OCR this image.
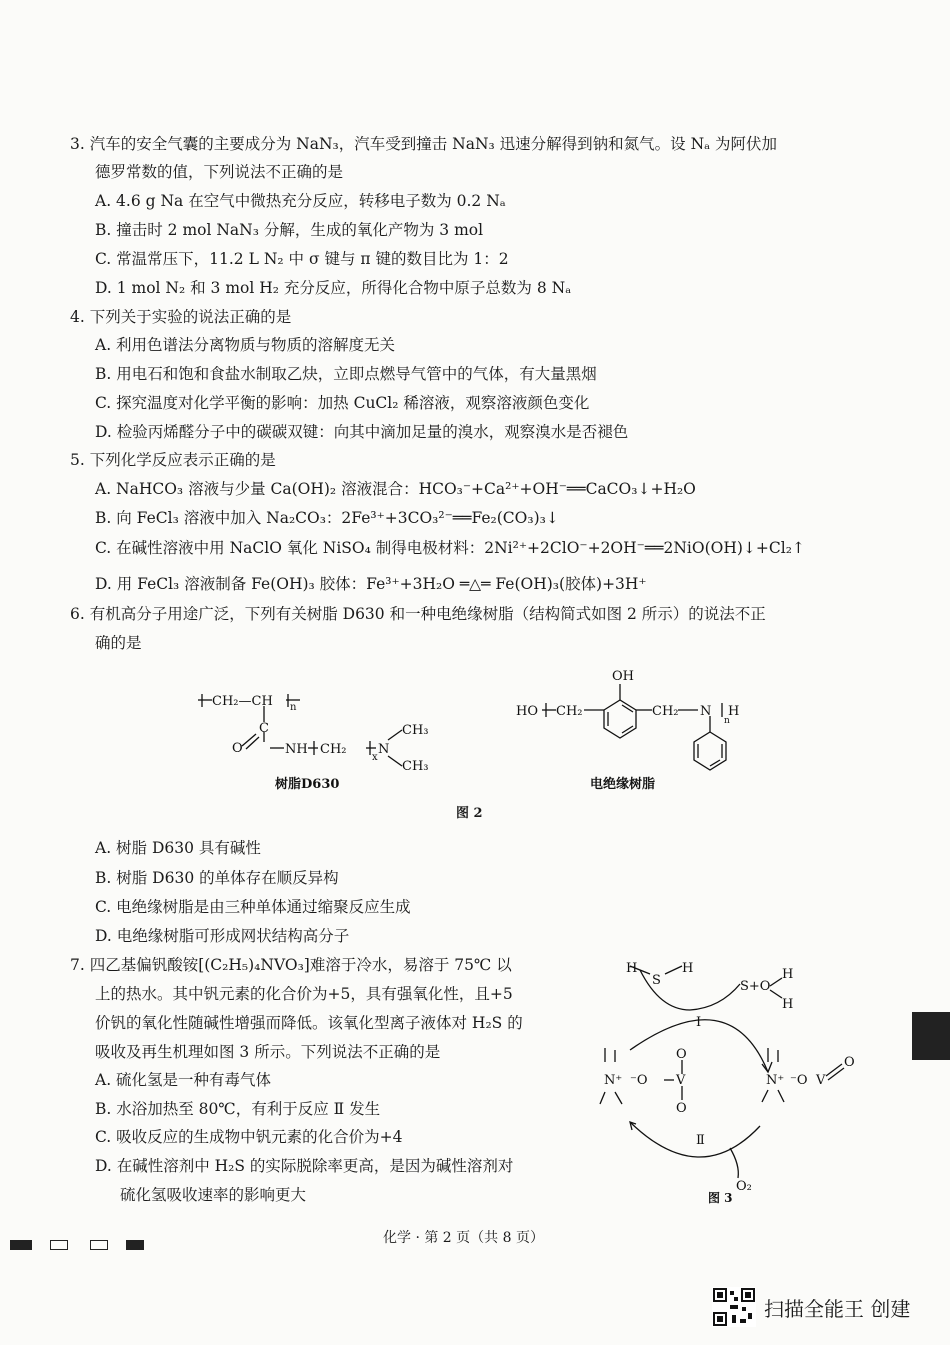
3. 汽车的安全气囊的主要成分为 NaN₃，汽车受到撞击 NaN₃ 迅速分解得到钠和氮气。设 Nₐ 为阿伏加
德罗常数的值，下列说法不正确的是
A. 4.6 g Na 在空气中微热充分反应，转移电子数为 0.2 Nₐ
B. 撞击时 2 mol NaN₃ 分解，生成的氧化产物为 3 mol
C. 常温常压下，11.2 L N₂ 中 σ 键与 π 键的数目比为 1：2
D. 1 mol N₂ 和 3 mol H₂ 充分反应，所得化合物中原子总数为 8 Nₐ
4. 下列关于实验的说法正确的是
A. 利用色谱法分离物质与物质的溶解度无关
B. 用电石和饱和食盐水制取乙炔，立即点燃导气管中的气体，有大量黑烟
C. 探究温度对化学平衡的影响：加热 CuCl₂ 稀溶液，观察溶液颜色变化
D. 检验丙烯醛分子中的碳碳双键：向其中滴加足量的溴水，观察溴水是否褪色
5. 下列化学反应表示正确的是
A. NaHCO₃ 溶液与少量 Ca(OH)₂ 溶液混合：HCO₃⁻+Ca²⁺+OH⁻══CaCO₃↓+H₂O
B. 向 FeCl₃ 溶液中加入 Na₂CO₃：2Fe³⁺+3CO₃²⁻══Fe₂(CO₃)₃↓
C. 在碱性溶液中用 NaClO 氧化 NiSO₄ 制得电极材料：2Ni²⁺+2ClO⁻+2OH⁻══2NiO(OH)↓+Cl₂↑
D. 用 FeCl₃ 溶液制备 Fe(OH)₃ 胶体：Fe³⁺+3H₂O ═△═ Fe(OH)₃(胶体)+3H⁺
6. 有机高分子用途广泛，下列有关树脂 D630 和一种电绝缘树脂（结构简式如图 2 所示）的说法不正
确的是
CH₂—CH n
O
C
NH CH₂
x
N
CH₃
CH₃
树脂D630
HO CH₂
OH
CH₂ N H
n
电绝缘树脂
图 2
A. 树脂 D630 具有碱性
B. 树脂 D630 的单体存在顺反异构
C. 电绝缘树脂是由三种单体通过缩聚反应生成
D. 电绝缘树脂可形成网状结构高分子
7. 四乙基偏钒酸铵[(C₂H₅)₄NVO₃]难溶于冷水，易溶于 75℃ 以
上的热水。其中钒元素的化合价为+5，具有强氧化性，且+5
价钒的氧化性随碱性增强而降低。该氧化型离子液体对 H₂S 的
吸收及再生机理如图 3 所示。下列说法不正确的是
A. 硫化氢是一种有毒气体
B. 水浴加热至 80℃，有利于反应 Ⅱ 发生
C. 吸收反应的生成物中钒元素的化合价为+4
D. 在碱性溶剂中 H₂S 的实际脱除率更高，是因为碱性溶剂对
硫化氢吸收速率的影响更大
H
S
H
S+O
H
H
Ⅰ
Ⅱ
O₂
N⁺ ⁻O V
O
O
N⁺ ⁻O V
O
图 3
化学 · 第 2 页（共 8 页）
扫描全能王 创建
